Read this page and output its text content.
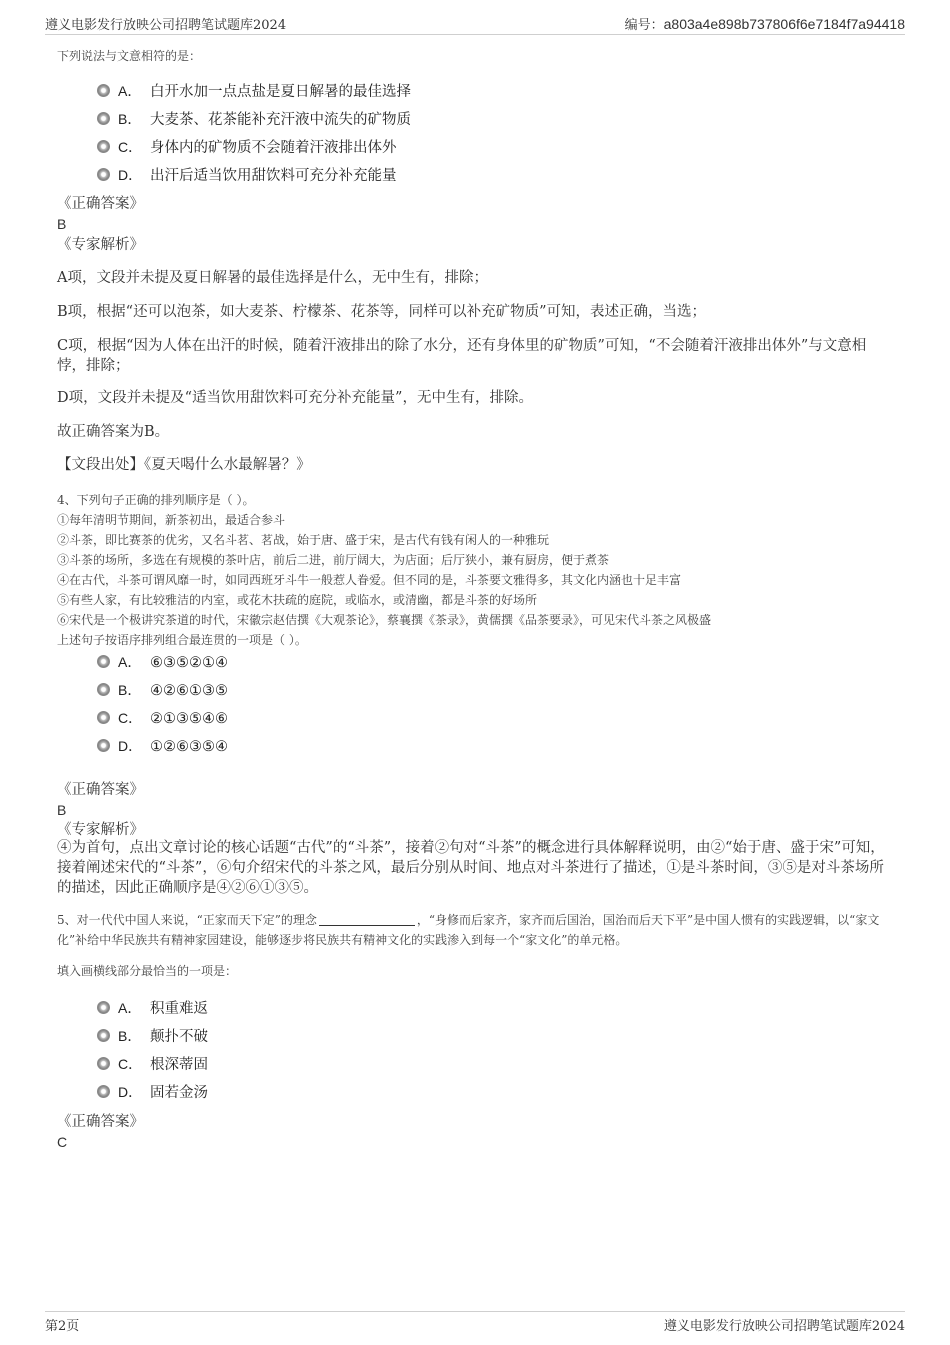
遵义电影发行放映公司招聘笔试题库2024	编号：a803a4e898b737806f6e7184f7a94418
下列说法与文意相符的是：
A． 白开水加一点点盐是夏日解暑的最佳选择
B． 大麦茶、花茶能补充汗液中流失的矿物质
C． 身体内的矿物质不会随着汗液排出体外
D． 出汗后适当饮用甜饮料可充分补充能量
《正确答案》
B
《专家解析》
A项，文段并未提及夏日解暑的最佳选择是什么，无中生有，排除；
B项，根据“还可以泡茶，如大麦茶、柠檬茶、花茶等，同样可以补充矿物质”可知，表述正确，当选；
C项，根据“因为人体在出汗的时候，随着汗液排出的除了水分，还有身体里的矿物质”可知，“不会随着汗液排出体外”与文意相悖，排除；
D项，文段并未提及“适当饮用甜饮料可充分补充能量”，无中生有，排除。
故正确答案为B。
【文段出处】《夏天喝什么水最解暑？》
4、下列句子正确的排列顺序是（ ）。
①每年清明节期间，新茶初出，最适合参斗
②斗茶，即比赛茶的优劣，又名斗茗、茗战，始于唐、盛于宋，是古代有钱有闲人的一种雅玩
③斗茶的场所，多选在有规模的茶叶店，前后二进，前厅阔大，为店面；后厅狭小，兼有厨房，便于煮茶
④在古代，斗茶可谓风靡一时，如同西班牙斗牛一般惹人眷爱。但不同的是，斗茶要文雅得多，其文化内涵也十足丰富
⑤有些人家，有比较雅洁的内室，或花木扶疏的庭院，或临水，或清幽，都是斗茶的好场所
⑥宋代是一个极讲究茶道的时代，宋徽宗赵佶撰《大观茶论》，蔡襄撰《茶录》，黄儒撰《品茶要录》，可见宋代斗茶之风极盛
上述句子按语序排列组合最连贯的一项是（ ）。
A． ⑥③⑤②①④
B． ④②⑥①③⑤
C． ②①③⑤④⑥
D． ①②⑥③⑤④
《正确答案》
B
《专家解析》
④为首句，点出文章讨论的核心话题“古代”的“斗茶”，接着②句对“斗茶”的概念进行具体解释说明，由②“始于唐、盛于宋”可知，接着阐述宋代的“斗茶”，⑥句介绍宋代的斗茶之风，最后分别从时间、地点对斗茶进行了描述，①是斗茶时间，③⑤是对斗茶场所的描述，因此正确顺序是④②⑥①③⑤。
5、对一代代中国人来说，“正家而天下定”的理念	，“身修而后家齐，家齐而后国治，国治而后天下平”是中国人惯有的实践逻辑，以“家文化”补给中华民族共有精神家园建设，能够逐步将民族共有精神文化的实践渗入到每一个“家文化”的单元格。
填入画横线部分最恰当的一项是：
A． 积重难返
B． 颠扑不破
C． 根深蒂固
D． 固若金汤
《正确答案》
C
第2页	遵义电影发行放映公司招聘笔试题库2024
